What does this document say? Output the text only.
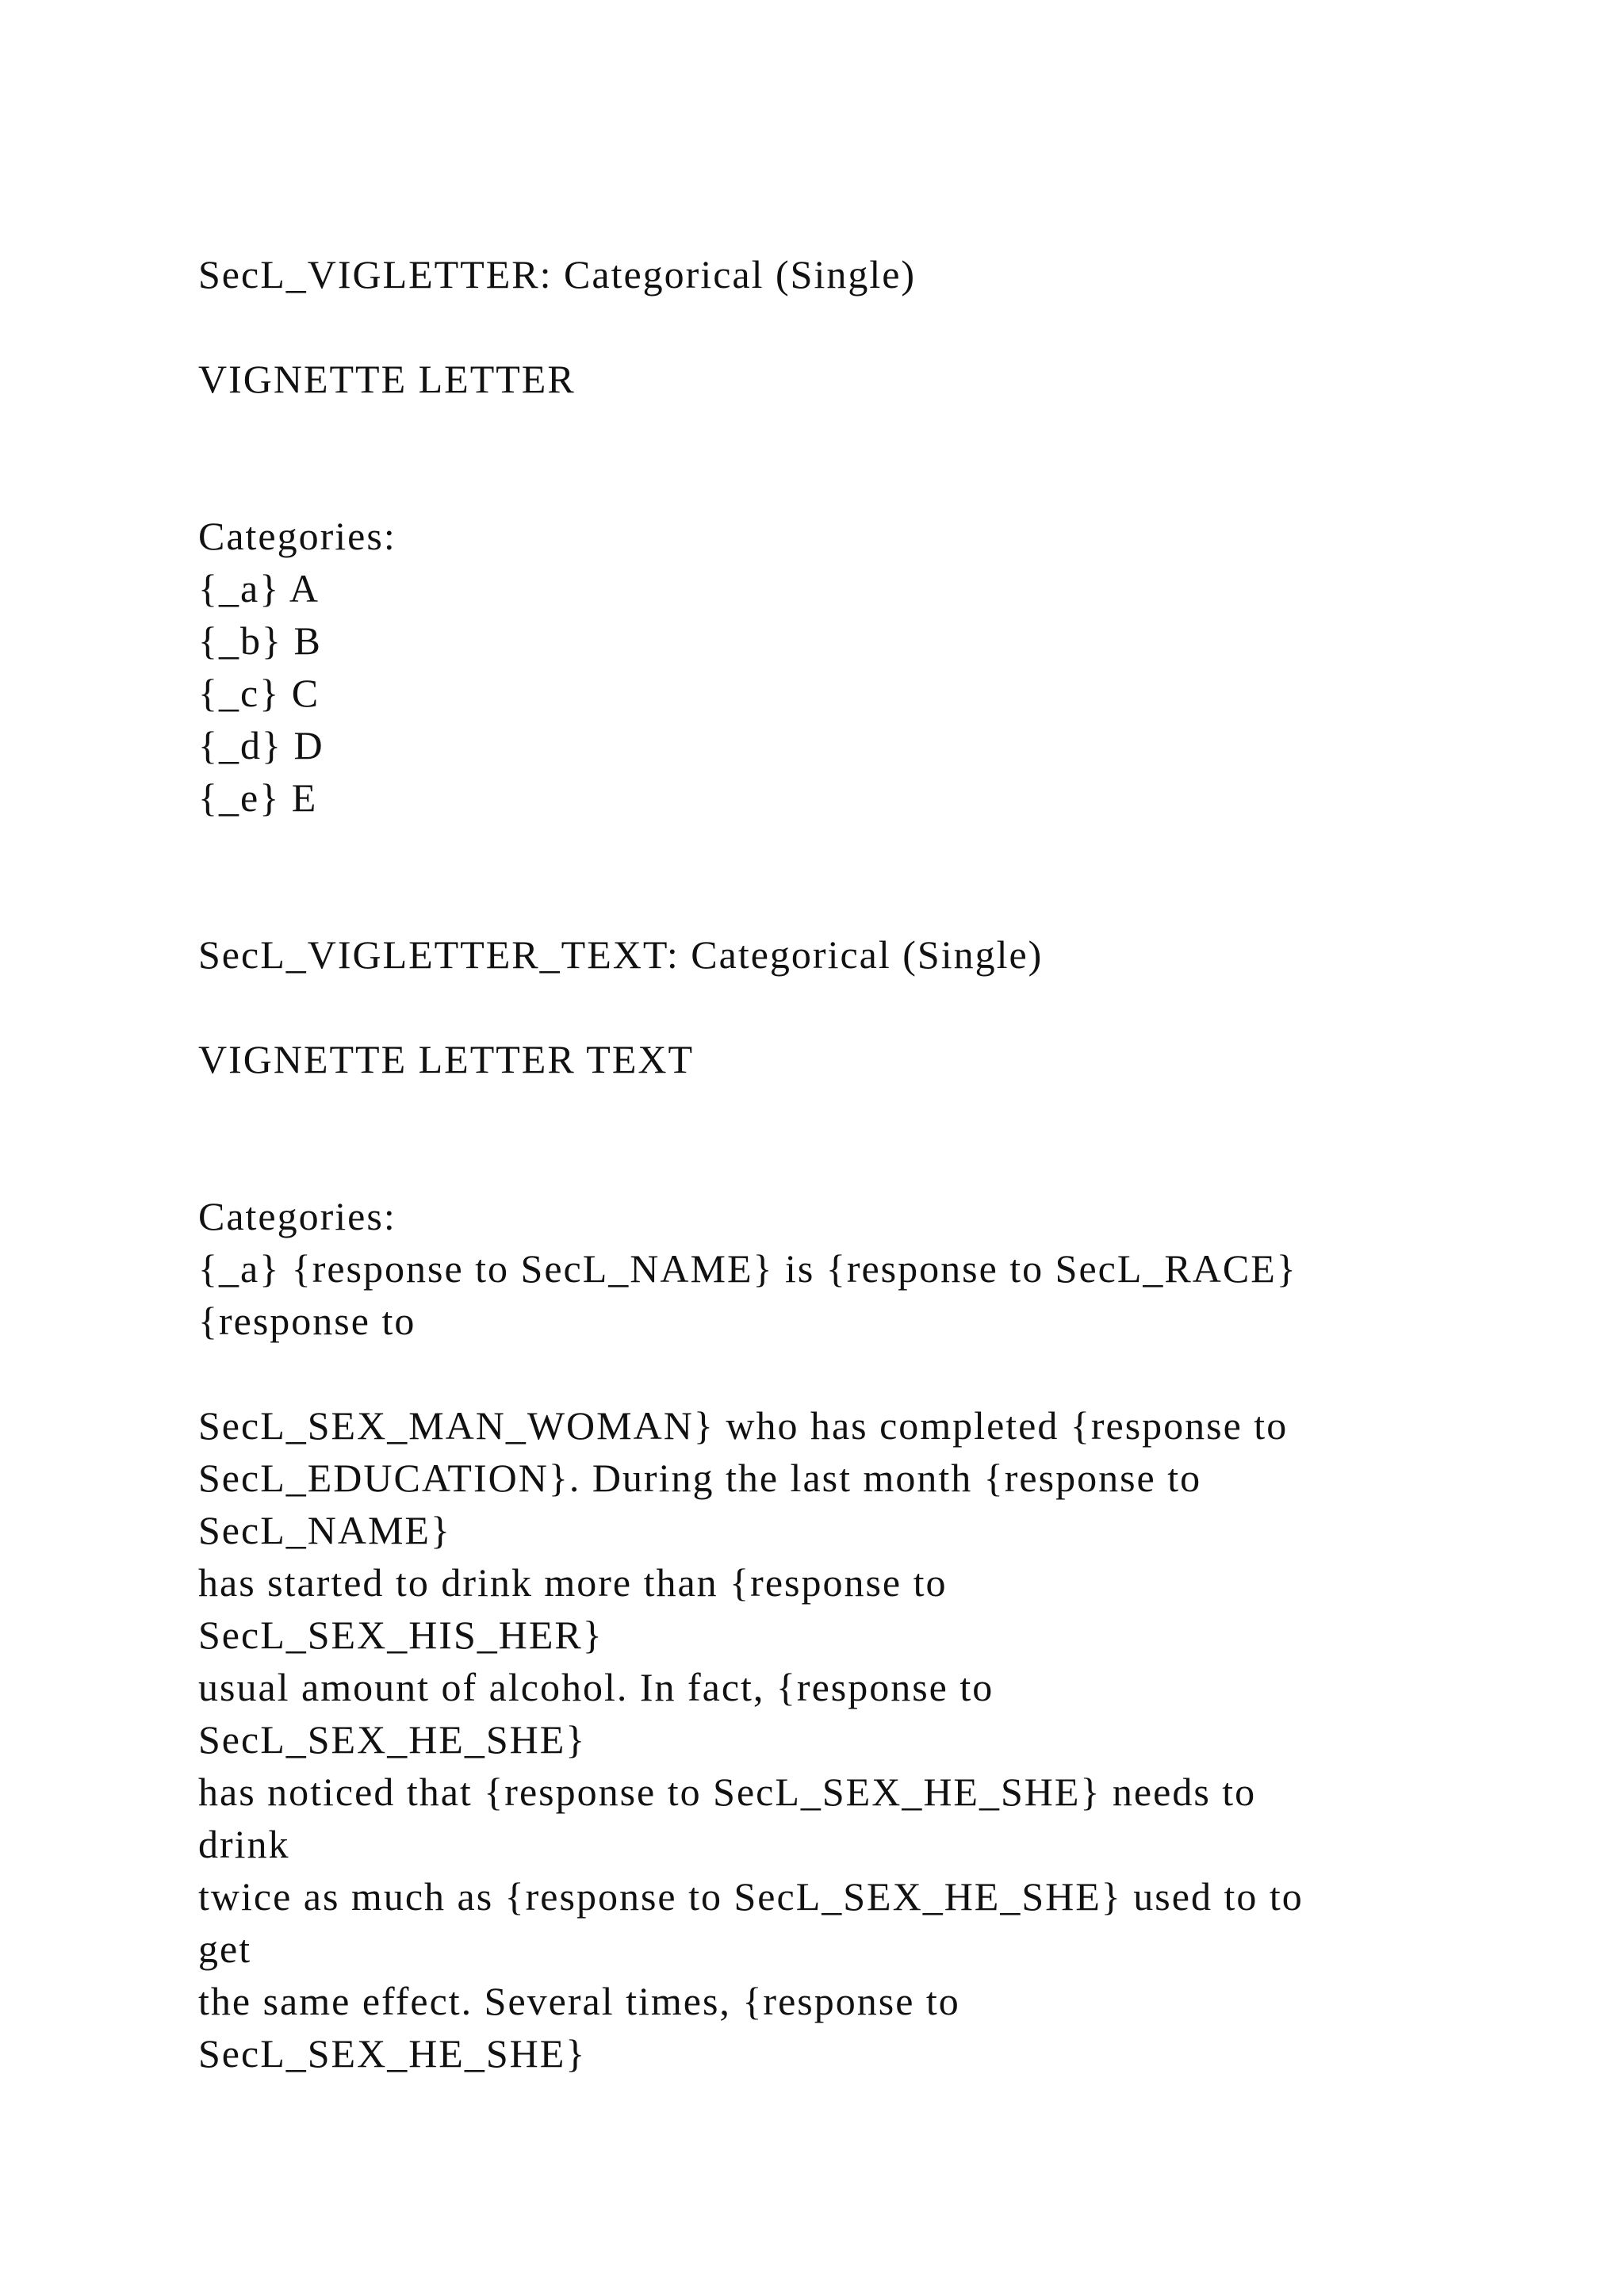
SecL_VIGLETTER: Categorical (Single)

VIGNETTE LETTER

Categories:

{_a} A

{_b} B

{_c} C

{_d} D

{_e} E

SecL_VIGLETTER_TEXT: Categorical (Single)

VIGNETTE LETTER TEXT

Categories:

{_a} {response to SecL_NAME} is {response to SecL_RACE}

{response to

SecL_SEX_MAN_WOMAN} who has completed {response to

SecL_EDUCATION}. During the last month {response to

SecL_NAME}

has started to drink more than {response to

SecL_SEX_HIS_HER}

usual amount of alcohol. In fact, {response to

SecL_SEX_HE_SHE}

has noticed that {response to SecL_SEX_HE_SHE} needs to

drink

twice as much as {response to SecL_SEX_HE_SHE} used to to

get

the same effect. Several times, {response to

SecL_SEX_HE_SHE}
